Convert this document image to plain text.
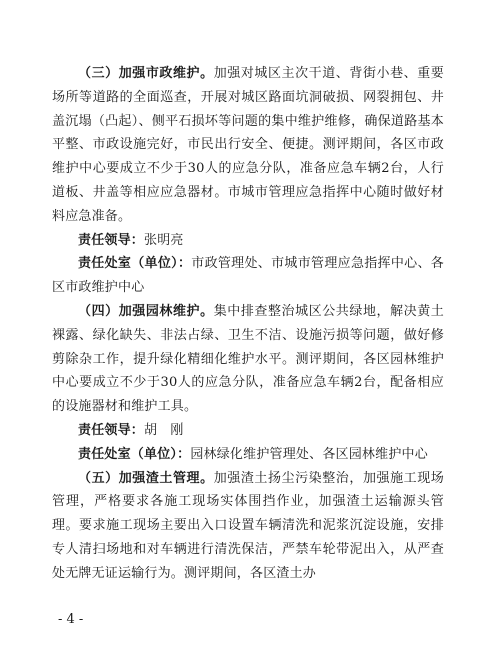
（三）加强市政维护。加强对城区主次干道、背街小巷、重要场所等道路的全面巡查，开展对城区路面坑洞破损、网裂拥包、井盖沉塌（凸起）、侧平石损坏等问题的集中维护维修，确保道路基本平整、市政设施完好，市民出行安全、便捷。测评期间，各区市政维护中心要成立不少于30人的应急分队，准备应急车辆2台，人行道板、井盖等相应应急器材。市城市管理应急指挥中心随时做好材料应急准备。

责任领导：张明亮

责任处室（单位）：市政管理处、市城市管理应急指挥中心、各区市政维护中心

（四）加强园林维护。集中排查整治城区公共绿地，解决黄土裸露、绿化缺失、非法占绿、卫生不洁、设施污损等问题，做好修剪除杂工作，提升绿化精细化维护水平。测评期间，各区园林维护中心要成立不少于30人的应急分队，准备应急车辆2台，配备相应的设施器材和维护工具。

责任领导：胡　刚

责任处室（单位）：园林绿化维护管理处、各区园林维护中心

（五）加强渣土管理。加强渣土扬尘污染整治，加强施工现场管理，严格要求各施工现场实体围挡作业，加强渣土运输源头管理。要求施工现场主要出入口设置车辆清洗和泥浆沉淀设施，安排专人清扫场地和对车辆进行清洗保洁，严禁车轮带泥出入，从严查处无牌无证运输行为。测评期间，各区渣土办

- 4 -
